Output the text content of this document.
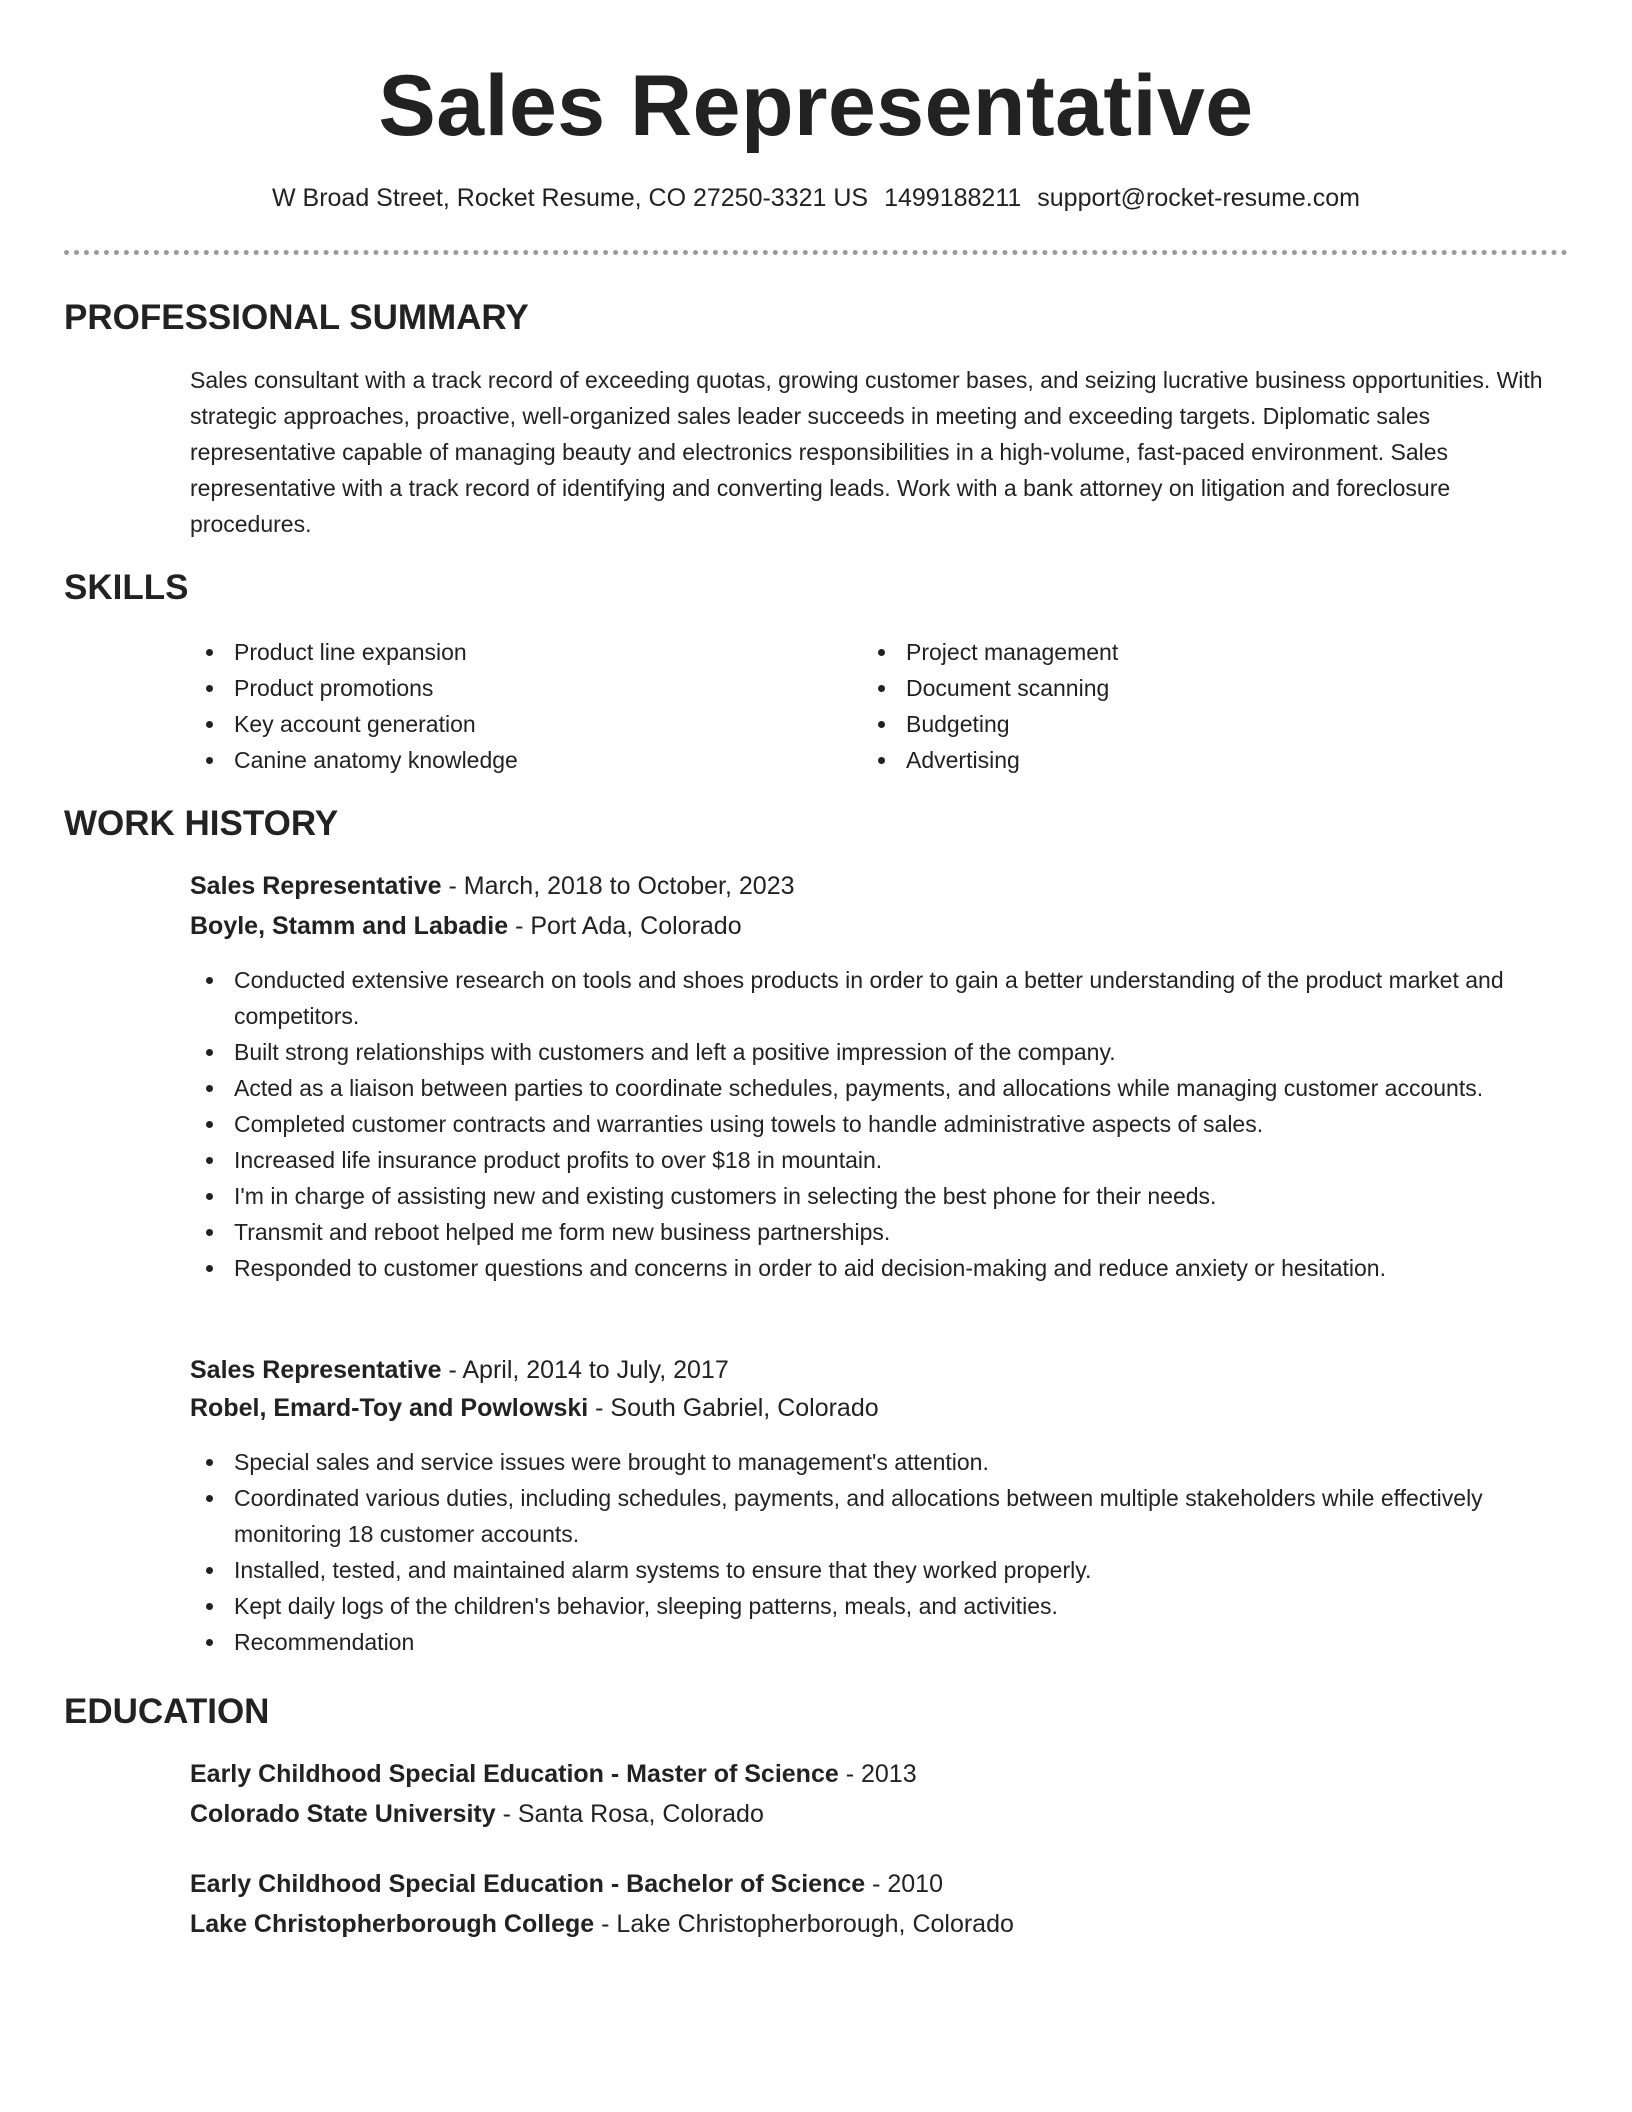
Sales Representative
W Broad Street, Rocket Resume, CO 27250-3321 US 1499188211 support@rocket-resume.com
PROFESSIONAL SUMMARY

Sales consultant with a track record of exceeding quotas, growing customer bases, and seizing lucrative business opportunities. With strategic approaches, proactive, well-organized sales leader succeeds in meeting and exceeding targets. Diplomatic sales representative capable of managing beauty and electronics responsibilities in a high-volume, fast-paced environment. Sales representative with a track record of identifying and converting leads. Work with a bank attorney on litigation and foreclosure procedures.

SKILLS
Product line expansion
Product promotions
Key account generation
Canine anatomy knowledge
Project management
Document scanning
Budgeting
Advertising
WORK HISTORY

Sales Representative - March, 2018 to October, 2023

Boyle, Stamm and Labadie - Port Ada, Colorado

Conducted extensive research on tools and shoes products in order to gain a better understanding of the product market and competitors.
Built strong relationships with customers and left a positive impression of the company.
Acted as a liaison between parties to coordinate schedules, payments, and allocations while managing customer accounts.
Completed customer contracts and warranties using towels to handle administrative aspects of sales.
Increased life insurance product profits to over $18 in mountain.
I'm in charge of assisting new and existing customers in selecting the best phone for their needs.
Transmit and reboot helped me form new business partnerships.
Responded to customer questions and concerns in order to aid decision-making and reduce anxiety or hesitation.

Sales Representative - April, 2014 to July, 2017

Robel, Emard-Toy and Powlowski - South Gabriel, Colorado

Special sales and service issues were brought to management's attention.
Coordinated various duties, including schedules, payments, and allocations between multiple stakeholders while effectively monitoring 18 customer accounts.
Installed, tested, and maintained alarm systems to ensure that they worked properly.
Kept daily logs of the children's behavior, sleeping patterns, meals, and activities.
Recommendation
EDUCATION

Early Childhood Special Education - Master of Science - 2013

Colorado State University - Santa Rosa, Colorado

Early Childhood Special Education - Bachelor of Science - 2010

Lake Christopherborough College - Lake Christopherborough, Colorado
